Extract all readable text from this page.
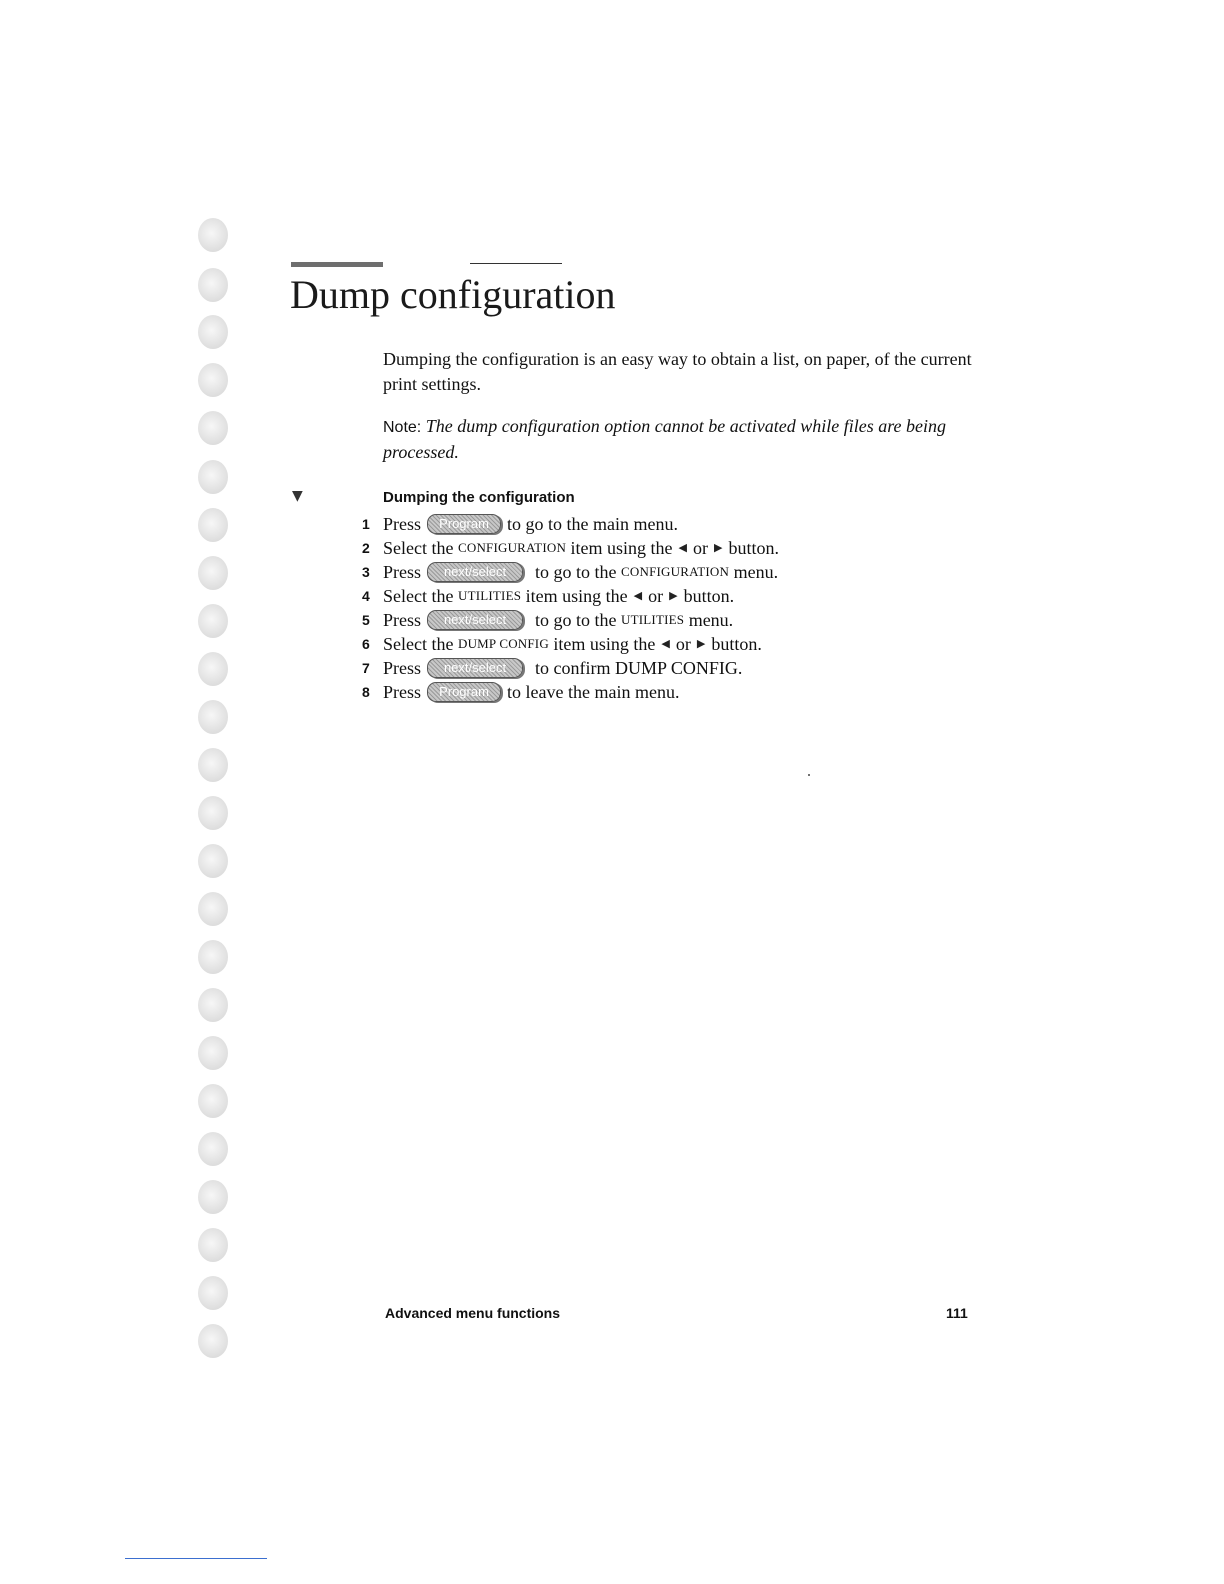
Dump configuration

Dumping the configuration is an easy way to obtain a list, on paper, of the current print settings.

Note: The dump configuration option cannot be activated while files are being processed.

▼	Dumping the configuration
1 Press	Program	to go to the main menu.
2 Select the
CONFIGURATION
item using the ◀ or ▶ button.
3 Press	next/select	to go to the
CONFIGURATION
menu.
4 Select the
UTILITIES
item using the ◀ or ▶ button.
5 Press	next/select	to go to the
UTILITIES
menu.
6 Select the
DUMP CONFIG
item using the ◀ or ▶ button.
7 Press	next/select	to confirm DUMP CONFIG.
8 Press	Program	to leave the main menu.

Advanced menu functions	111
